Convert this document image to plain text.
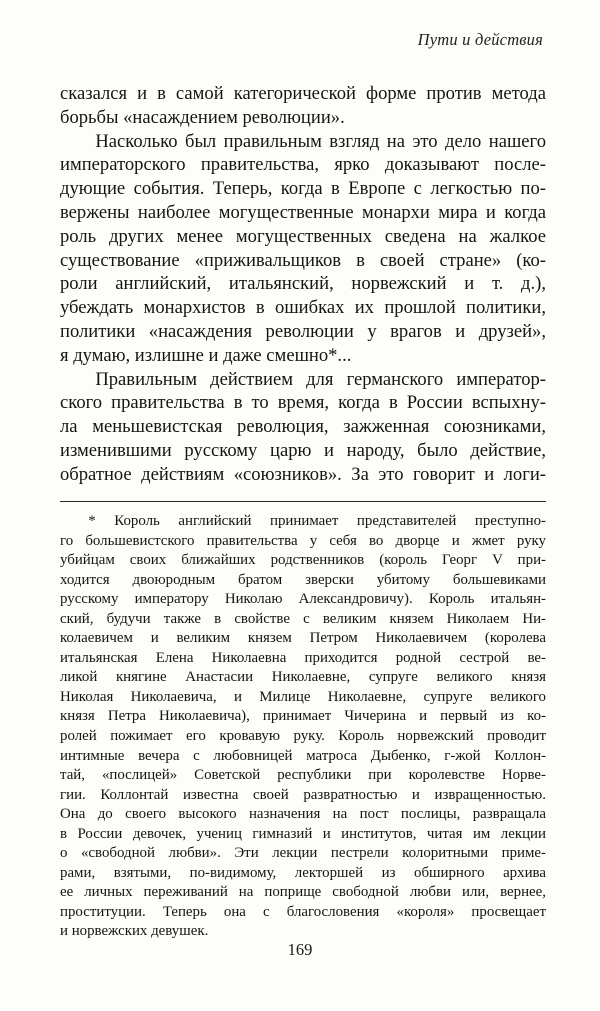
Пути и действия
сказался и в самой категорической форме против метода
борьбы «насаждением революции».
Насколько был правильным взгляд на это дело нашего
императорского правительства, ярко доказывают после-
дующие события. Теперь, когда в Европе с легкостью по-
вержены наиболее могущественные монархи мира и когда
роль других менее могущественных сведена на жалкое
существование «приживальщиков в своей стране» (ко-
роли английский, итальянский, норвежский и т. д.),
убеждать монархистов в ошибках их прошлой политики,
политики «насаждения революции у врагов и друзей»,
я думаю, излишне и даже смешно*...
Правильным действием для германского император-
ского правительства в то время, когда в России вспыхну-
ла меньшевистская революция, зажженная союзниками,
изменившими русскому царю и народу, было действие,
обратное действиям «союзников». За это говорит и логи-
* Король английский принимает представителей преступно-
го большевистского правительства у себя во дворце и жмет руку
убийцам своих ближайших родственников (король Георг V при-
ходится двоюродным братом зверски убитому большевиками
русскому императору Николаю Александровичу). Король итальян-
ский, будучи также в свойстве с великим князем Николаем Ни-
колаевичем и великим князем Петром Николаевичем (королева
итальянская Елена Николаевна приходится родной сестрой ве-
ликой княгине Анастасии Николаевне, супруге великого князя
Николая Николаевича, и Милице Николаевне, супруге великого
князя Петра Николаевича), принимает Чичерина и первый из ко-
ролей пожимает его кровавую руку. Король норвежский проводит
интимные вечера с любовницей матроса Дыбенко, г-жой Коллон-
тай, «послицей» Советской республики при королевстве Норве-
гии. Коллонтай известна своей развратностью и извращенностью.
Она до своего высокого назначения на пост послицы, развращала
в России девочек, учениц гимназий и институтов, читая им лекции
о «свободной любви». Эти лекции пестрели колоритными приме-
рами, взятыми, по-видимому, лекторшей из обширного архива
ее личных переживаний на поприще свободной любви или, вернее,
проституции. Теперь она с благословения «короля» просвещает
и норвежских девушек.
169
